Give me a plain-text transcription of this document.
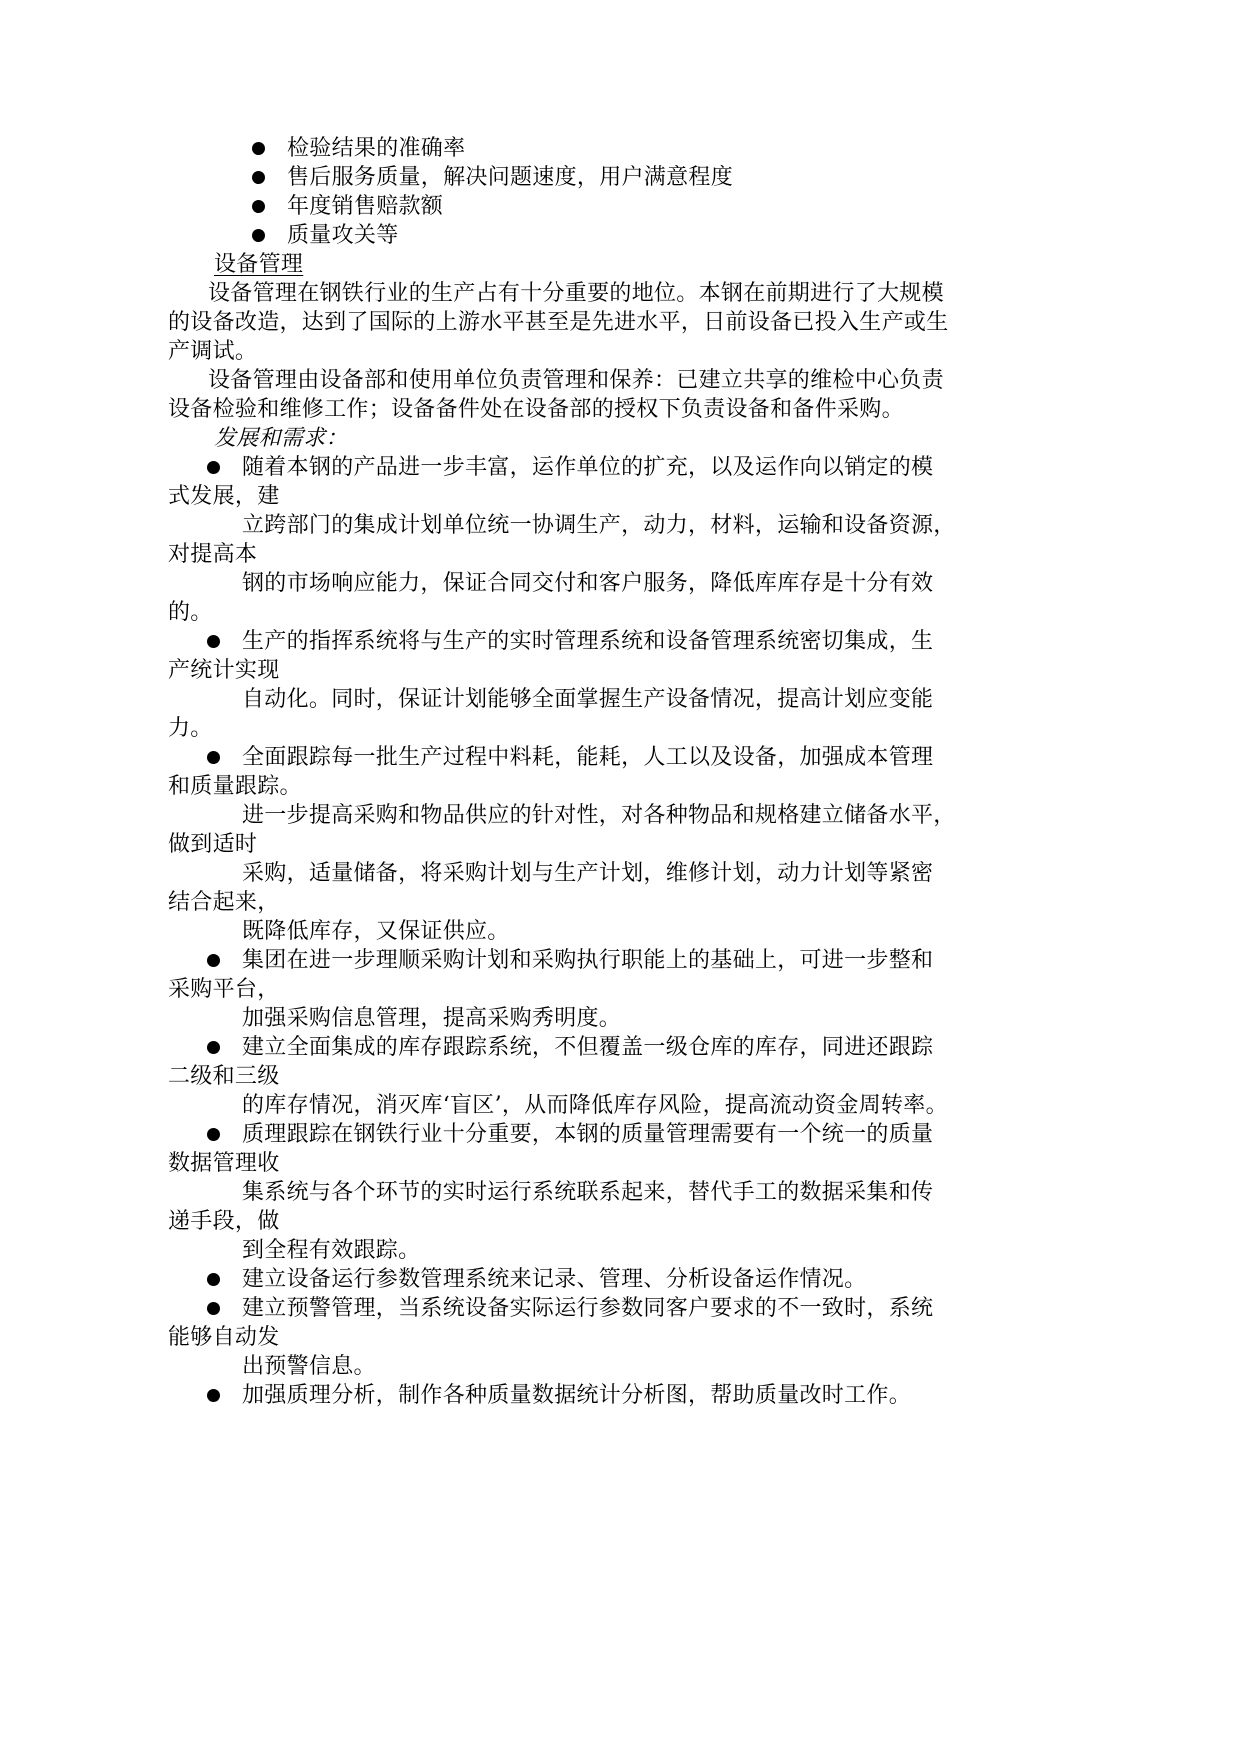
检验结果的准确率
售后服务质量，解决问题速度，用户满意程度
年度销售赔款额
质量攻关等
设备管理
设备管理在钢铁行业的生产占有十分重要的地位。本钢在前期进行了大规模
的设备改造，达到了国际的上游水平甚至是先进水平，日前设备已投入生产或生
产调试。
设备管理由设备部和使用单位负责管理和保养：已建立共享的维检中心负责
设备检验和维修工作；设备备件处在设备部的授权下负责设备和备件采购。
发展和需求：
随着本钢的产品进一步丰富，运作单位的扩充，以及运作向以销定的模
式发展，建
立跨部门的集成计划单位统一协调生产，动力，材料，运输和设备资源，
对提高本
钢的市场响应能力，保证合同交付和客户服务，降低库库存是十分有效
的。
生产的指挥系统将与生产的实时管理系统和设备管理系统密切集成，生
产统计实现
自动化。同时，保证计划能够全面掌握生产设备情况，提高计划应变能
力。
全面跟踪每一批生产过程中料耗，能耗，人工以及设备，加强成本管理
和质量跟踪。
进一步提高采购和物品供应的针对性，对各种物品和规格建立储备水平，
做到适时
采购，适量储备，将采购计划与生产计划，维修计划，动力计划等紧密
结合起来，
既降低库存，又保证供应。
集团在进一步理顺采购计划和采购执行职能上的基础上，可进一步整和
采购平台，
加强采购信息管理，提高采购秀明度。
建立全面集成的库存跟踪系统，不但覆盖一级仓库的库存，同进还跟踪
二级和三级
的库存情况，消灭库‘盲区’，从而降低库存风险，提高流动资金周转率。
质理跟踪在钢铁行业十分重要，本钢的质量管理需要有一个统一的质量
数据管理收
集系统与各个环节的实时运行系统联系起来，替代手工的数据采集和传
递手段，做
到全程有效跟踪。
建立设备运行参数管理系统来记录、管理、分析设备运作情况。
建立预警管理，当系统设备实际运行参数同客户要求的不一致时，系统
能够自动发
出预警信息。
加强质理分析，制作各种质量数据统计分析图，帮助质量改时工作。
